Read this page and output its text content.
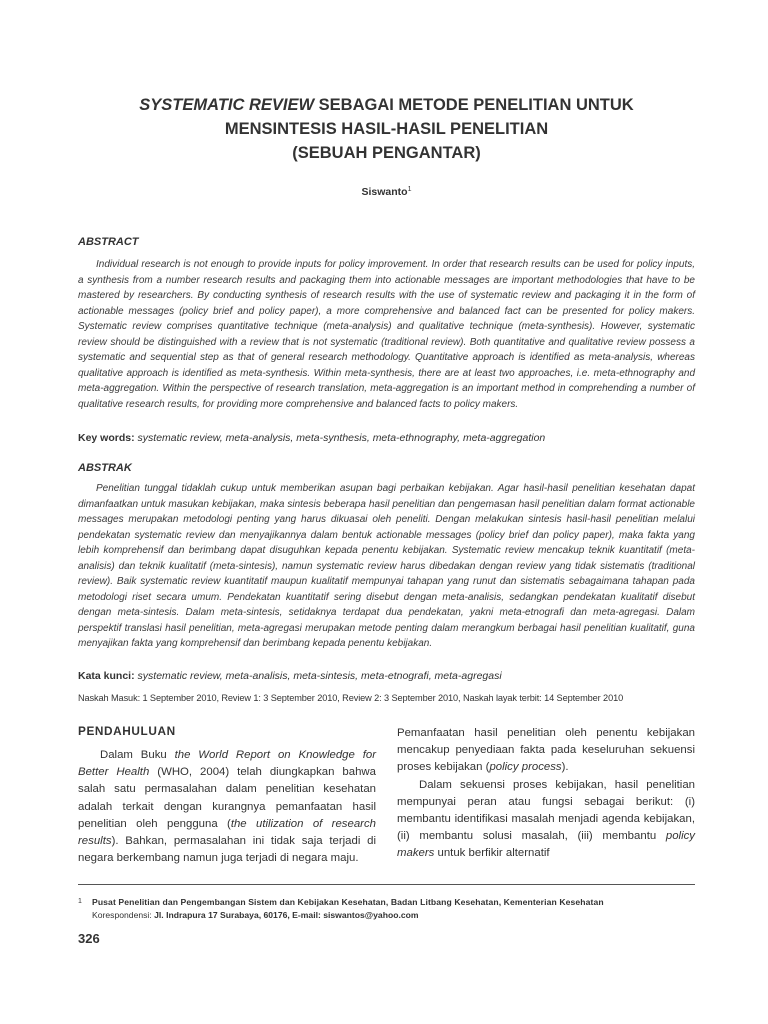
SYSTEMATIC REVIEW SEBAGAI METODE PENELITIAN UNTUK
MENSINTESIS HASIL-HASIL PENELITIAN
(SEBUAH PENGANTAR)
Siswanto$^1$
ABSTRACT
Individual research is not enough to provide inputs for policy improvement. In order that research results can be used for policy inputs, a synthesis from a number research results and packaging them into actionable messages are important methodologies that have to be mastered by researchers. By conducting synthesis of research results with the use of systematic review and packaging it in the form of actionable messages (policy brief and policy paper), a more comprehensive and balanced fact can be presented for policy makers. Systematic review comprises quantitative technique (meta-analysis) and qualitative technique (meta-synthesis). However, systematic review should be distinguished with a review that is not systematic (traditional review). Both quantitative and qualitative review possess a systematic and sequential step as that of general research methodology. Quantitative approach is identified as meta-analysis, whereas qualitative approach is identified as meta-synthesis. Within meta-synthesis, there are at least two approaches, i.e. meta-ethnography and meta-aggregation. Within the perspective of research translation, meta-aggregation is an important method in comprehending a number of qualitative research results, for providing more comprehensive and balanced facts to policy makers.
Key words: systematic review, meta-analysis, meta-synthesis, meta-ethnography, meta-aggregation
ABSTRAK
Penelitian tunggal tidaklah cukup untuk memberikan asupan bagi perbaikan kebijakan. Agar hasil-hasil penelitian kesehatan dapat dimanfaatkan untuk masukan kebijakan, maka sintesis beberapa hasil penelitian dan pengemasan hasil penelitian dalam format actionable messages merupakan metodologi penting yang harus dikuasai oleh peneliti. Dengan melakukan sintesis hasil-hasil penelitian melalui pendekatan systematic review dan menyajikannya dalam bentuk actionable messages (policy brief dan policy paper), maka fakta yang lebih komprehensif dan berimbang dapat disuguhkan kepada penentu kebijakan. Systematic review mencakup teknik kuantitatif (meta-analisis) dan teknik kualitatif (meta-sintesis), namun systematic review harus dibedakan dengan review yang tidak sistematis (traditional review). Baik systematic review kuantitatif maupun kualitatif mempunyai tahapan yang runut dan sistematis sebagaimana tahapan pada metodologi riset secara umum. Pendekatan kuantitatif sering disebut dengan meta-analisis, sedangkan pendekatan kualitatif disebut dengan meta-sintesis. Dalam meta-sintesis, setidaknya terdapat dua pendekatan, yakni meta-etnografi dan meta-agregasi. Dalam perspektif translasi hasil penelitian, meta-agregasi merupakan metode penting dalam merangkum berbagai hasil penelitian kualitatif, guna menyajikan fakta yang komprehensif dan berimbang kepada penentu kebijakan.
Kata kunci: systematic review, meta-analisis, meta-sintesis, meta-etnografi, meta-agregasi
Naskah Masuk: 1 September 2010, Review 1: 3 September 2010, Review 2: 3 September 2010, Naskah layak terbit: 14 September 2010
PENDAHULUAN
Dalam Buku the World Report on Knowledge for Better Health (WHO, 2004) telah diungkapkan bahwa salah satu permasalahan dalam penelitian kesehatan adalah terkait dengan kurangnya pemanfaatan hasil penelitian oleh pengguna (the utilization of research results). Bahkan, permasalahan ini tidak saja terjadi di negara berkembang namun juga terjadi di negara maju.
Pemanfaatan hasil penelitian oleh penentu kebijakan mencakup penyediaan fakta pada keseluruhan sekuensi proses kebijakan (policy process).
Dalam sekuensi proses kebijakan, hasil penelitian mempunyai peran atau fungsi sebagai berikut: (i) membantu identifikasi masalah menjadi agenda kebijakan, (ii) membantu solusi masalah, (iii) membantu policy makers untuk berfikir alternatif
1 Pusat Penelitian dan Pengembangan Sistem dan Kebijakan Kesehatan, Badan Litbang Kesehatan, Kementerian Kesehatan
Korespondensi: Jl. Indrapura 17 Surabaya, 60176, E-mail: siswantos@yahoo.com
326
